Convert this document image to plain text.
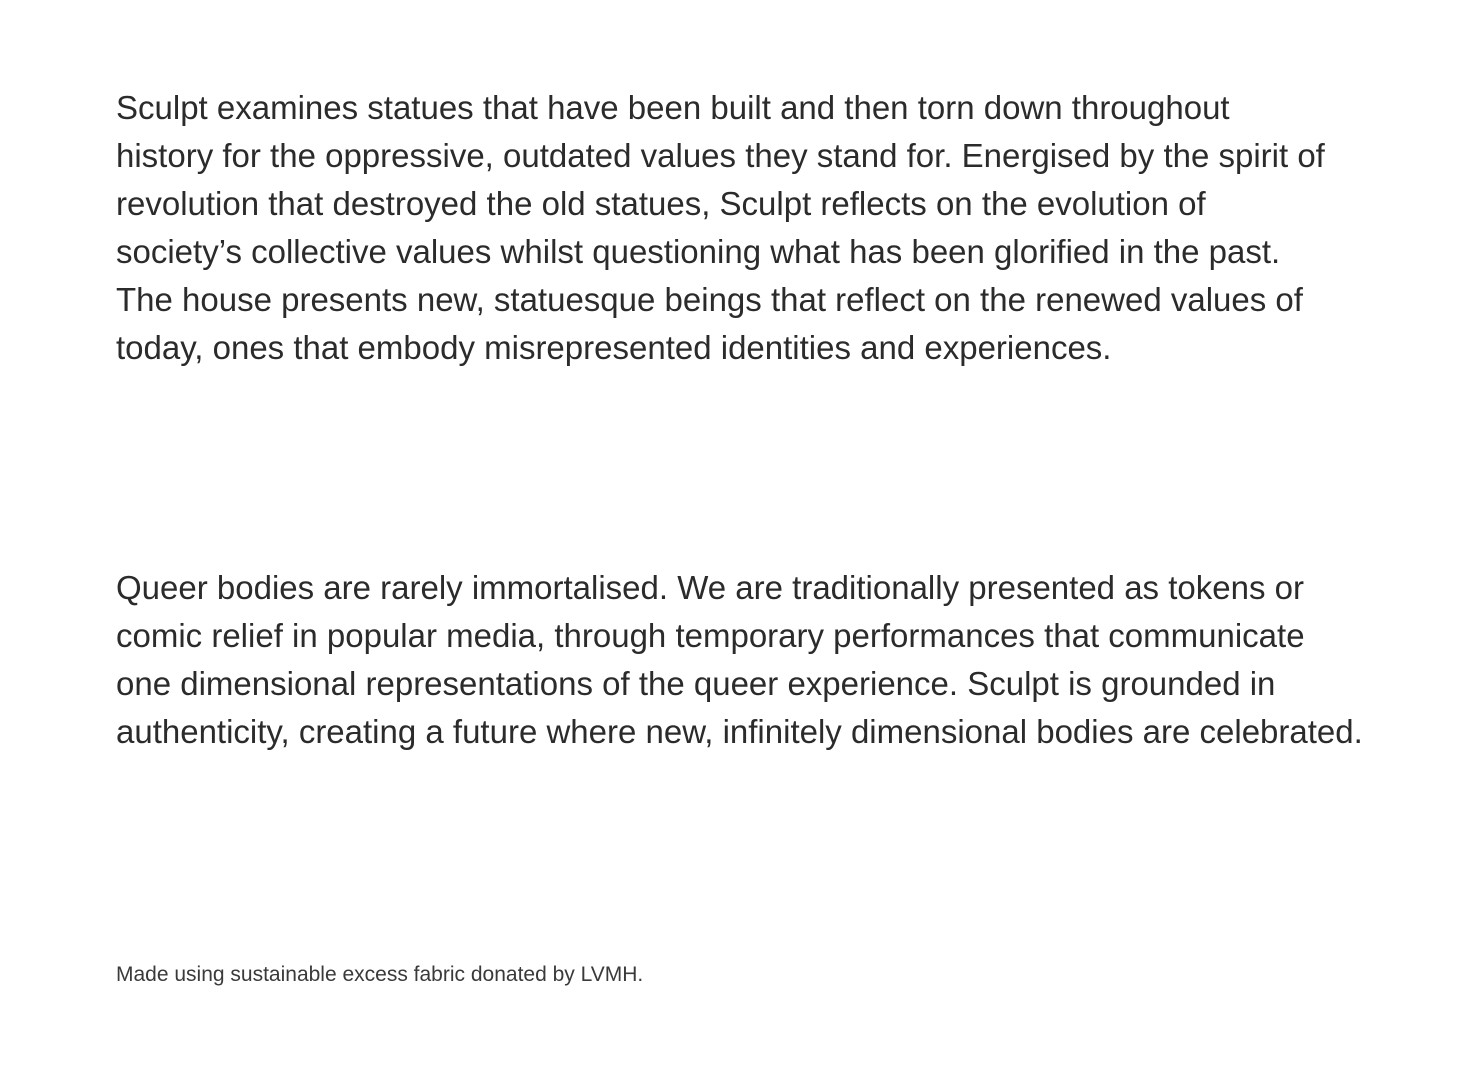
Sculpt examines statues that have been built and then torn down throughout history for the oppressive, outdated values they stand for. Energised by the spirit of revolution that destroyed the old statues, Sculpt reflects on the evolution of society’s collective values whilst questioning what has been glorified in the past. The house presents new, statuesque beings that reflect on the renewed values of today, ones that embody misrepresented identities and experiences.

Queer bodies are rarely immortalised. We are traditionally presented as tokens or comic relief in popular media, through temporary performances that communicate one dimensional representations of the queer experience. Sculpt is grounded in authenticity, creating a future where new, infinitely dimensional bodies are celebrated.

Made using sustainable excess fabric donated by LVMH.
